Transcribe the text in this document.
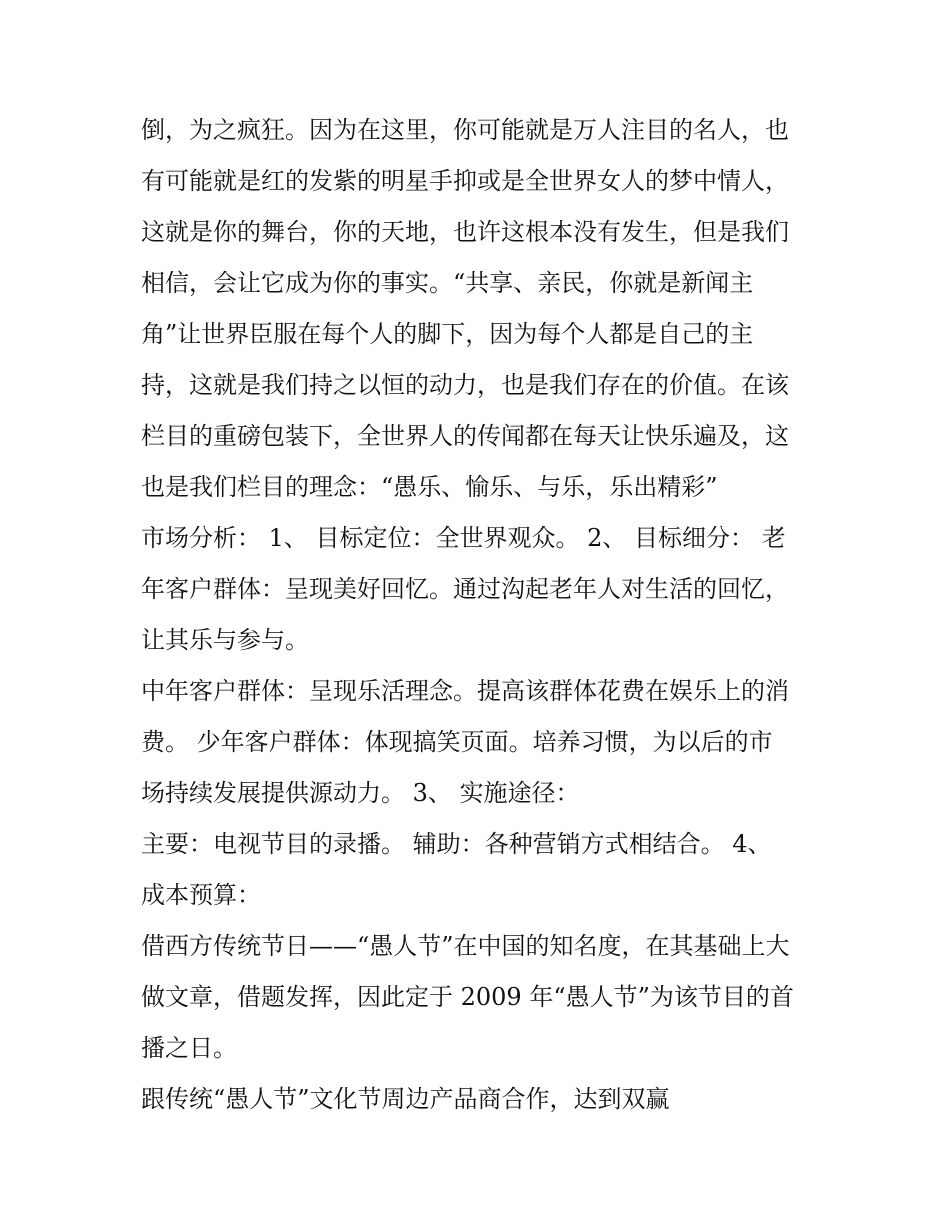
倒，为之疯狂。因为在这里，你可能就是万人注目的名人，也
有可能就是红的发紫的明星手抑或是全世界女人的梦中情人，
这就是你的舞台，你的天地，也许这根本没有发生，但是我们
相信，会让它成为你的事实。“共享、亲民，你就是新闻主
角”让世界臣服在每个人的脚下，因为每个人都是自己的主
持，这就是我们持之以恒的动力，也是我们存在的价值。在该
栏目的重磅包装下，全世界人的传闻都在每天让快乐遍及，这
也是我们栏目的理念：“愚乐、愉乐、与乐，乐出精彩”
市场分析： 1、 目标定位：全世界观众。 2、 目标细分： 老
年客户群体：呈现美好回忆。通过沟起老年人对生活的回忆，
让其乐与参与。
中年客户群体：呈现乐活理念。提高该群体花费在娱乐上的消
费。 少年客户群体：体现搞笑页面。培养习惯，为以后的市
场持续发展提供源动力。 3、 实施途径：
主要：电视节目的录播。 辅助：各种营销方式相结合。 4、
成本预算：
借西方传统节日——“愚人节”在中国的知名度，在其基础上大
做文章，借题发挥，因此定于 2009 年“愚人节”为该节目的首
播之日。
跟传统“愚人节”文化节周边产品商合作，达到双赢
